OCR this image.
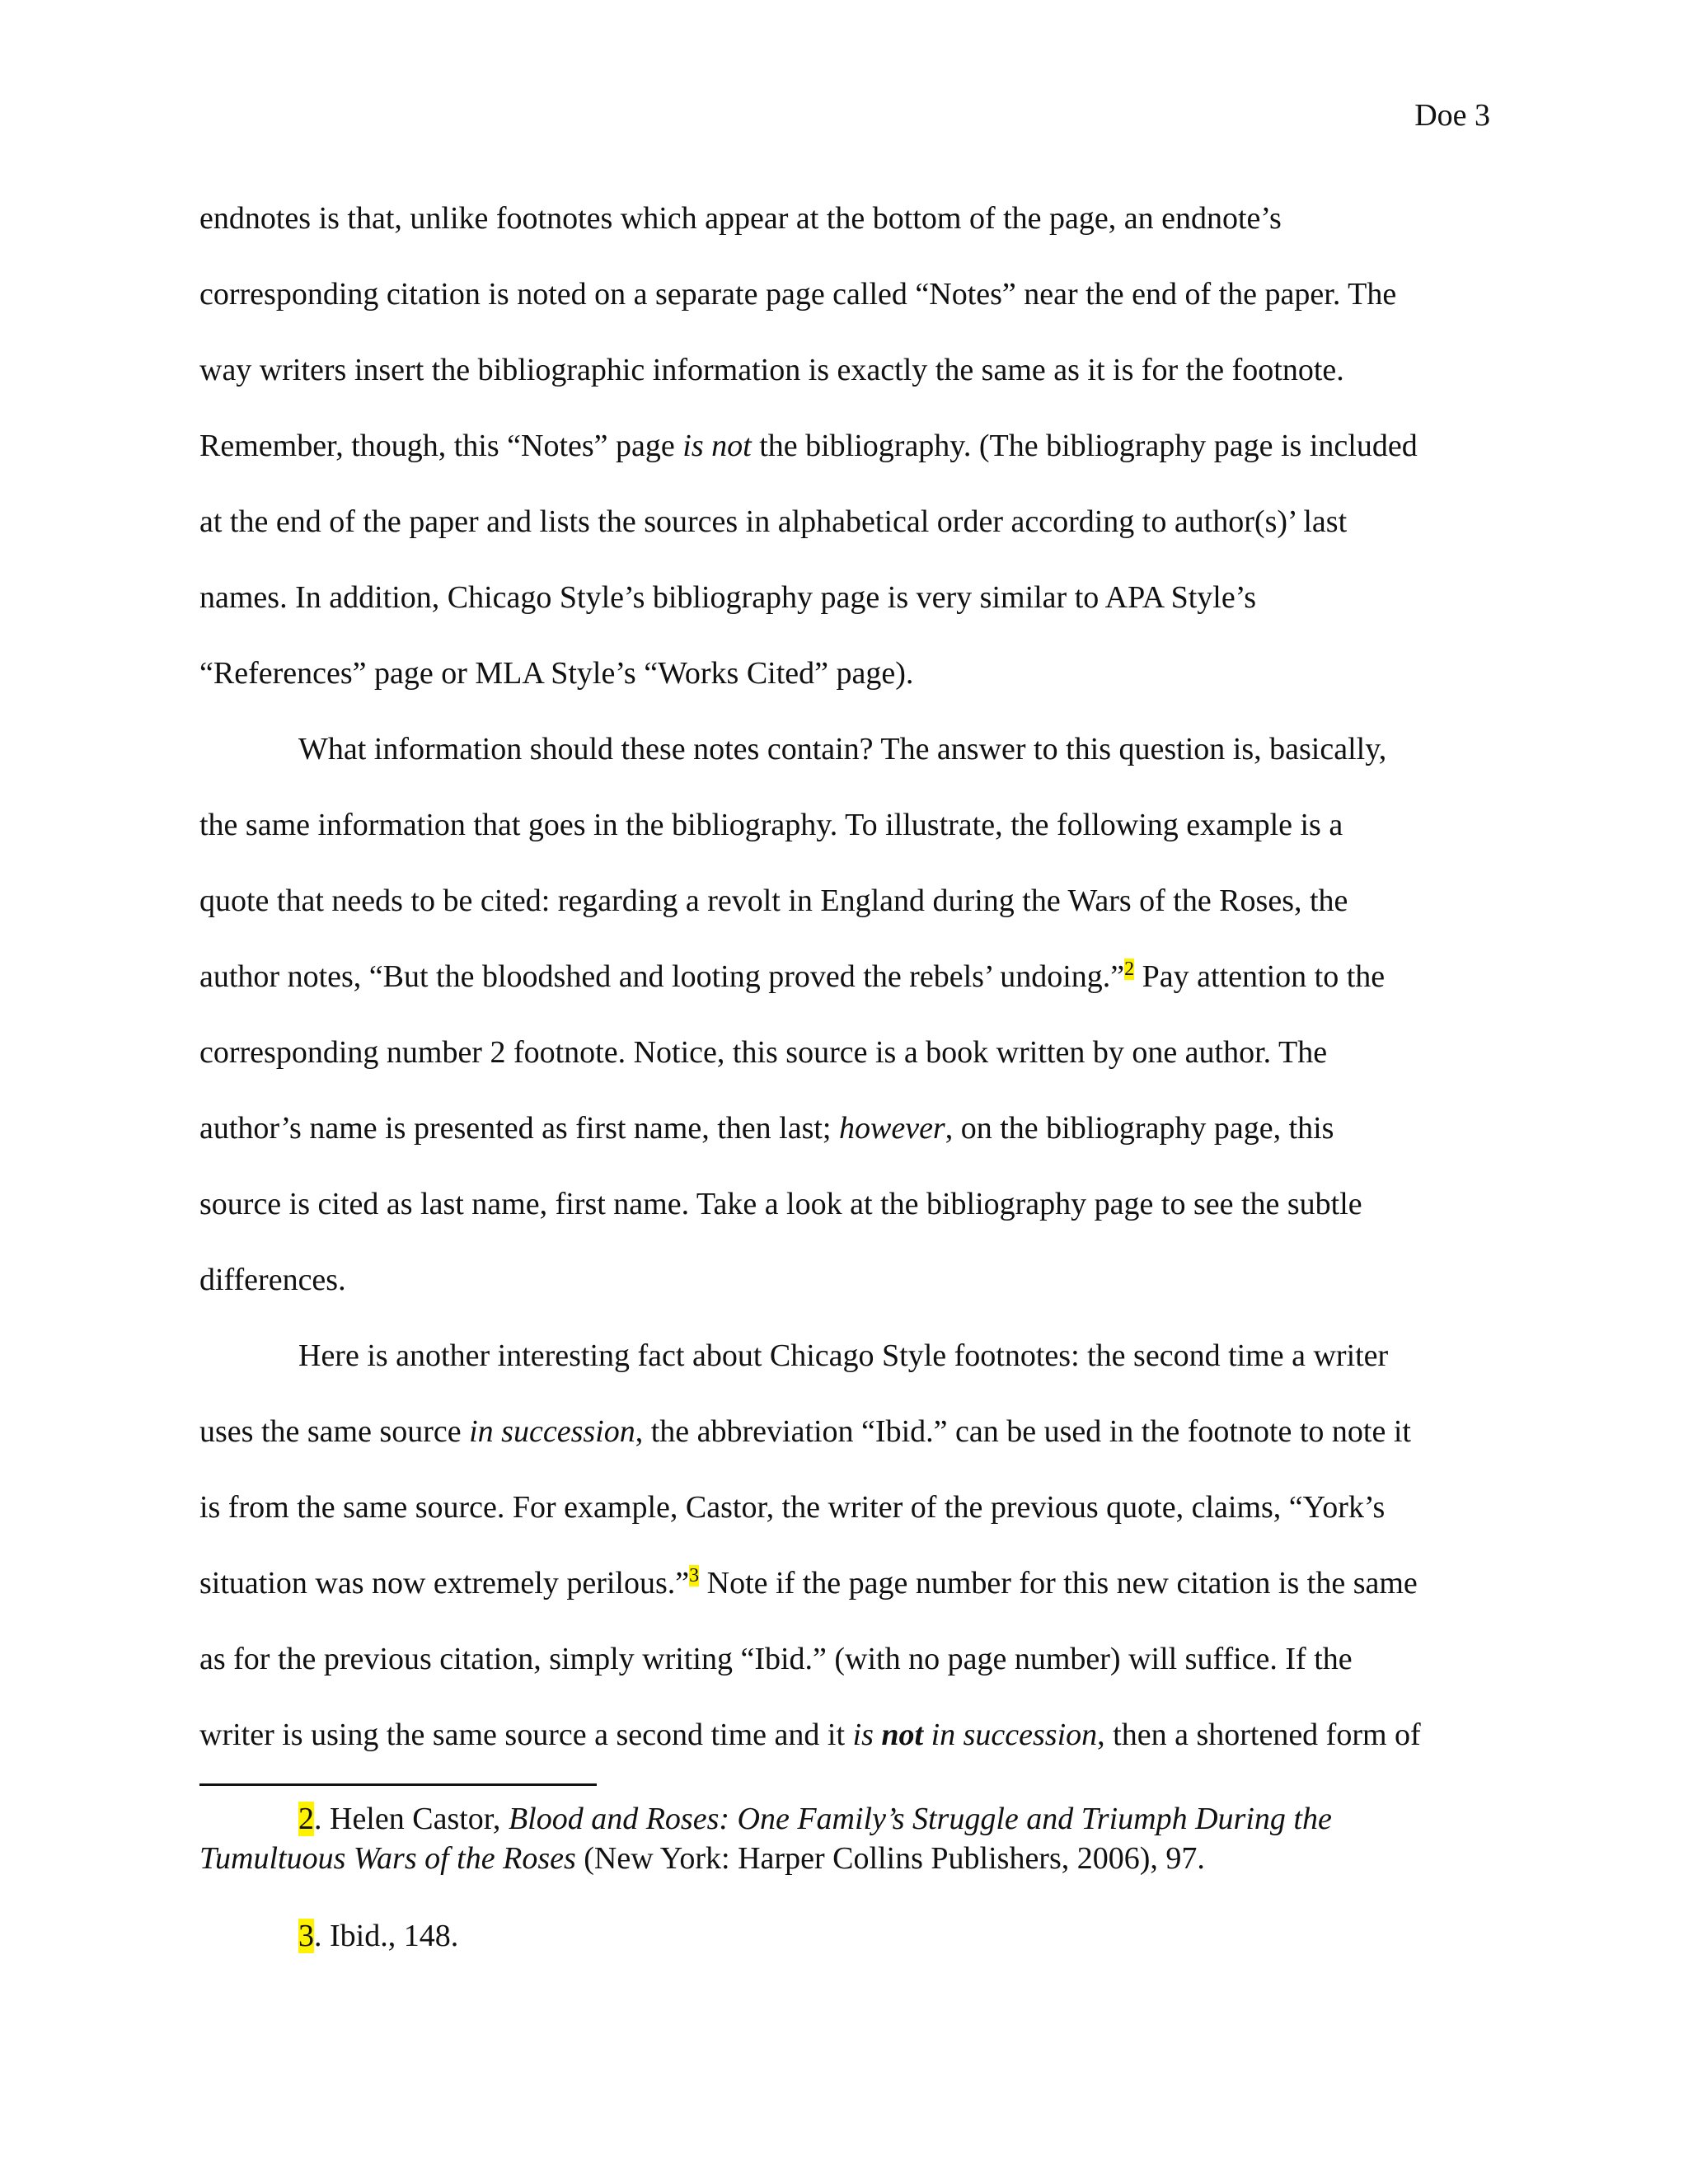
Doe 3
endnotes is that, unlike footnotes which appear at the bottom of the page, an endnote’s
corresponding citation is noted on a separate page called “Notes” near the end of the paper. The
way writers insert the bibliographic information is exactly the same as it is for the footnote.
Remember, though, this “Notes” page is not the bibliography. (The bibliography page is included
at the end of the paper and lists the sources in alphabetical order according to author(s)’ last
names. In addition, Chicago Style’s bibliography page is very similar to APA Style’s
“References” page or MLA Style’s “Works Cited” page).
What information should these notes contain? The answer to this question is, basically,
the same information that goes in the bibliography. To illustrate, the following example is a
quote that needs to be cited: regarding a revolt in England during the Wars of the Roses, the
author notes, “But the bloodshed and looting proved the rebels’ undoing.”$^2$ Pay attention to the
corresponding number 2 footnote. Notice, this source is a book written by one author. The
author’s name is presented as first name, then last; however, on the bibliography page, this
source is cited as last name, first name. Take a look at the bibliography page to see the subtle
differences.
Here is another interesting fact about Chicago Style footnotes: the second time a writer
uses the same source in succession, the abbreviation “Ibid.” can be used in the footnote to note it
is from the same source. For example, Castor, the writer of the previous quote, claims, “York’s
situation was now extremely perilous.”$^3$ Note if the page number for this new citation is the same
as for the previous citation, simply writing “Ibid.” (with no page number) will suffice. If the
writer is using the same source a second time and it is not in succession, then a shortened form of
2. Helen Castor, Blood and Roses: One Family’s Struggle and Triumph During the
Tumultuous Wars of the Roses (New York: Harper Collins Publishers, 2006), 97.
3. Ibid., 148.
